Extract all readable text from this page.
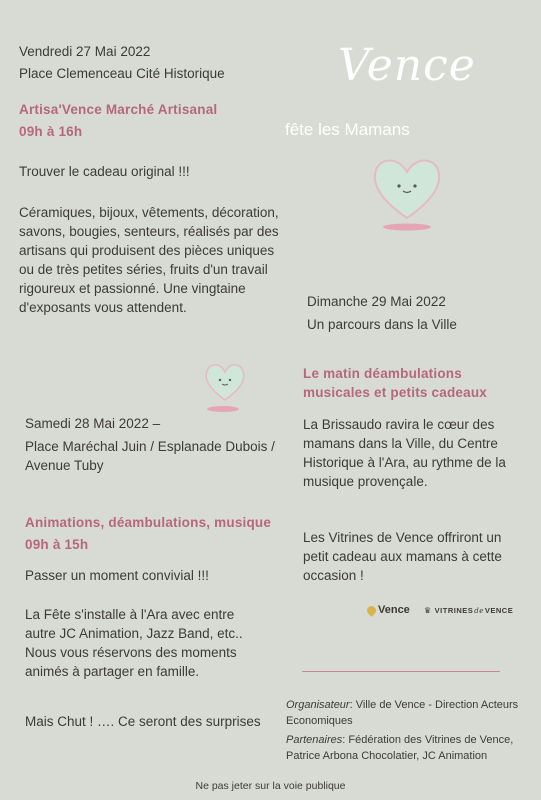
Vence
fête les Mamans

Vendredi 27 Mai 2022

Place Clemenceau Cité Historique

Artisa'Vence Marché Artisanal

09h à 16h

Trouver le cadeau original !!!

Céramiques, bijoux, vêtements, décoration, savons, bougies, senteurs, réalisés par des artisans qui produisent des pièces uniques ou de très petites séries, fruits d'un travail rigoureux et passionné. Une vingtaine d'exposants vous attendent.

Samedi 28 Mai 2022 –

Place Maréchal Juin / Esplanade Dubois / Avenue Tuby

Animations, déambulations, musique

09h à 15h

Passer un moment convivial !!!

La Fête s'installe à l'Ara avec entre autre JC Animation, Jazz Band, etc.. Nous vous réservons des moments animés à partager en famille.

Mais Chut ! …. Ce seront des surprises

Dimanche 29 Mai 2022

Un parcours dans la Ville

Le matin déambulations musicales et petits cadeaux

La Brissaudo ravira le cœur des mamans dans la Ville, du Centre Historique à l'Ara, au rythme de la musique provençale.

Les Vitrines de Vence offriront un petit cadeau aux mamans à cette occasion !

Vence ♛ VITRINES de VENCE

Organisateur: Ville de Vence - Direction Acteurs Economiques

Partenaires: Fédération des Vitrines de Vence, Patrice Arbona Chocolatier, JC Animation

Ne pas jeter sur la voie publique
